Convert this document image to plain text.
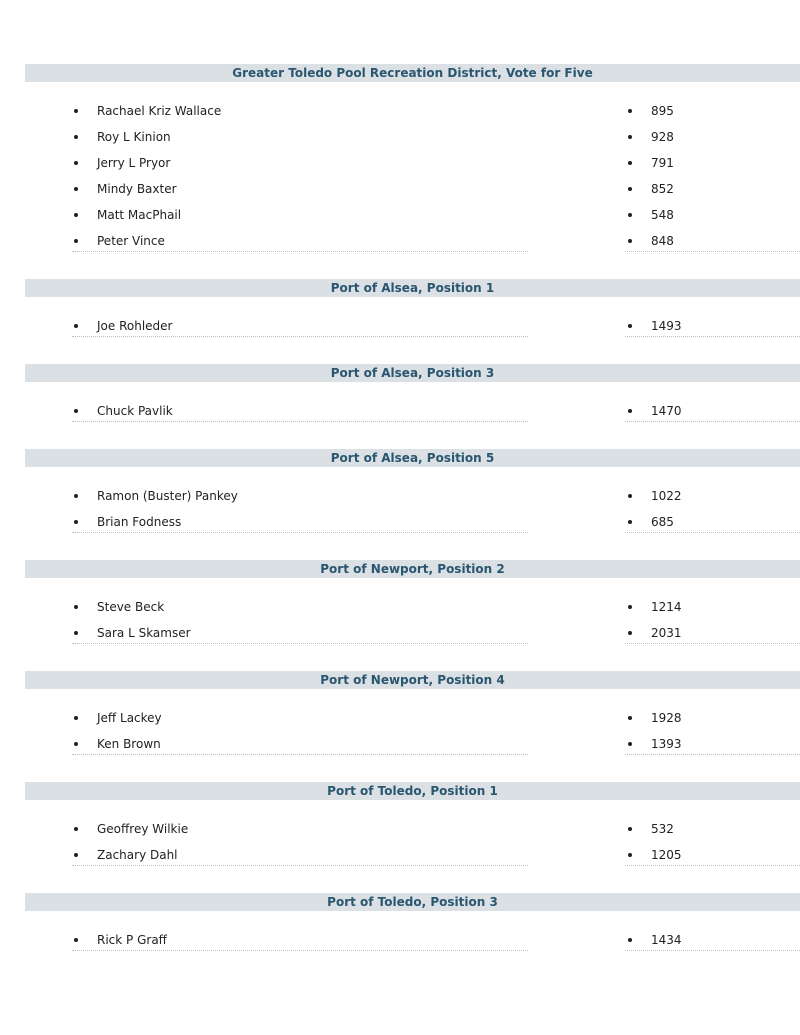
Greater Toledo Pool Recreation District, Vote for Five
Rachael Kriz Wallace	895
Roy L Kinion	928
Jerry L Pryor	791
Mindy Baxter	852
Matt MacPhail	548
Peter Vince	848
Port of Alsea, Position 1
Joe Rohleder	1493
Port of Alsea, Position 3
Chuck Pavlik	1470
Port of Alsea, Position 5
Ramon (Buster) Pankey	1022
Brian Fodness	685
Port of Newport, Position 2
Steve Beck	1214
Sara L Skamser	2031
Port of Newport, Position 4
Jeff Lackey	1928
Ken Brown	1393
Port of Toledo, Position 1
Geoffrey Wilkie	532
Zachary Dahl	1205
Port of Toledo, Position 3
Rick P Graff	1434
